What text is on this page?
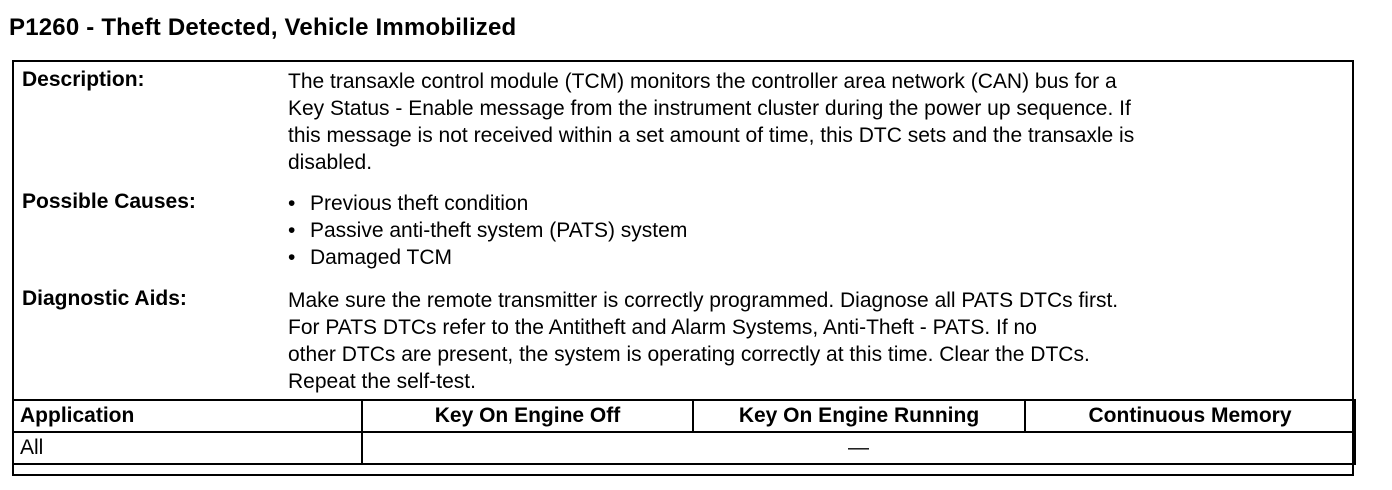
P1260 - Theft Detected, Vehicle Immobilized
Description:	The transaxle control module (TCM) monitors the controller area network (CAN) bus for a
Key Status - Enable message from the instrument cluster during the power up sequence. If
this message is not received within a set amount of time, this DTC sets and the transaxle is
disabled.
Possible Causes:	• Previous theft condition
• Passive anti-theft system (PATS) system
• Damaged TCM
Diagnostic Aids:	Make sure the remote transmitter is correctly programmed. Diagnose all PATS DTCs first.
For PATS DTCs refer to the Antitheft and Alarm Systems, Anti-Theft - PATS. If no
other DTCs are present, the system is operating correctly at this time. Clear the DTCs.
Repeat the self-test.
Application	Key On Engine Off	Key On Engine Running	Continuous Memory
All	—		
